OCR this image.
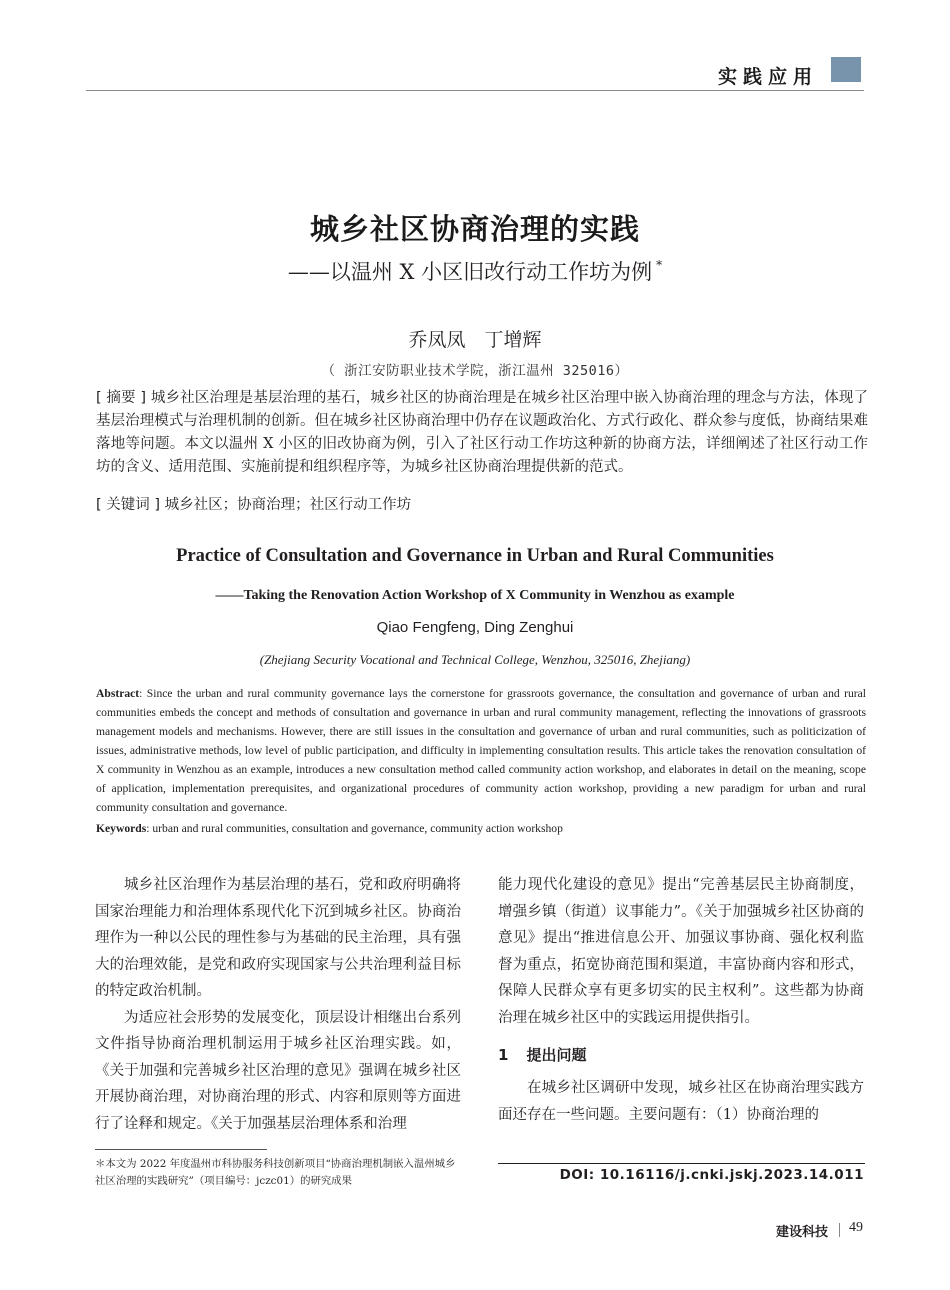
实践应用
城乡社区协商治理的实践
——以温州 X 小区旧改行动工作坊为例 *
乔凤凤　丁增辉
（ 浙江安防职业技术学院，浙江温州 325016）
[ 摘要 ] 城乡社区治理是基层治理的基石，城乡社区的协商治理是在城乡社区治理中嵌入协商治理的理念与方法，体现了基层治理模式与治理机制的创新。但在城乡社区协商治理中仍存在议题政治化、方式行政化、群众参与度低，协商结果难落地等问题。本文以温州 X 小区的旧改协商为例，引入了社区行动工作坊这种新的协商方法，详细阐述了社区行动工作坊的含义、适用范围、实施前提和组织程序等，为城乡社区协商治理提供新的范式。
[ 关键词 ] 城乡社区；协商治理；社区行动工作坊
Practice of Consultation and Governance in Urban and Rural Communities
——Taking the Renovation Action Workshop of X Community in Wenzhou as example
Qiao Fengfeng, Ding Zenghui
(Zhejiang Security Vocational and Technical College, Wenzhou, 325016, Zhejiang)
Abstract: Since the urban and rural community governance lays the cornerstone for grassroots governance, the consultation and governance of urban and rural communities embeds the concept and methods of consultation and governance in urban and rural community management, reflecting the innovations of grassroots management models and mechanisms. However, there are still issues in the consultation and governance of urban and rural communities, such as politicization of issues, administrative methods, low level of public participation, and difficulty in implementing consultation results. This article takes the renovation consultation of X community in Wenzhou as an example, introduces a new consultation method called community action workshop, and elaborates in detail on the meaning, scope of application, implementation prerequisites, and organizational procedures of community action workshop, providing a new paradigm for urban and rural community consultation and governance.
Keywords: urban and rural communities, consultation and governance, community action workshop

城乡社区治理作为基层治理的基石，党和政府明确将国家治理能力和治理体系现代化下沉到城乡社区。协商治理作为一种以公民的理性参与为基础的民主治理，具有强大的治理效能，是党和政府实现国家与公共治理利益目标的特定政治机制。

为适应社会形势的发展变化，顶层设计相继出台系列文件指导协商治理机制运用于城乡社区治理实践。如，《关于加强和完善城乡社区治理的意见》强调在城乡社区开展协商治理，对协商治理的形式、内容和原则等方面进行了诠释和规定。《关于加强基层治理体系和治理

能力现代化建设的意见》提出“完善基层民主协商制度，增强乡镇（街道）议事能力”。《关于加强城乡社区协商的意见》提出“推进信息公开、加强议事协商、强化权利监督为重点，拓宽协商范围和渠道，丰富协商内容和形式，保障人民群众享有更多切实的民主权利”。这些都为协商治理在城乡社区中的实践运用提供指引。

1 提出问题

在城乡社区调研中发现，城乡社区在协商治理实践方面还存在一些问题。主要问题有：（1）协商治理的

＊本文为 2022 年度温州市科协服务科技创新项目“协商治理机制嵌入温州城乡社区治理的实践研究”（项目编号：jczc01）的研究成果	DOI: 10.16116/j.cnki.jskj.2023.14.011
建设科技 49
